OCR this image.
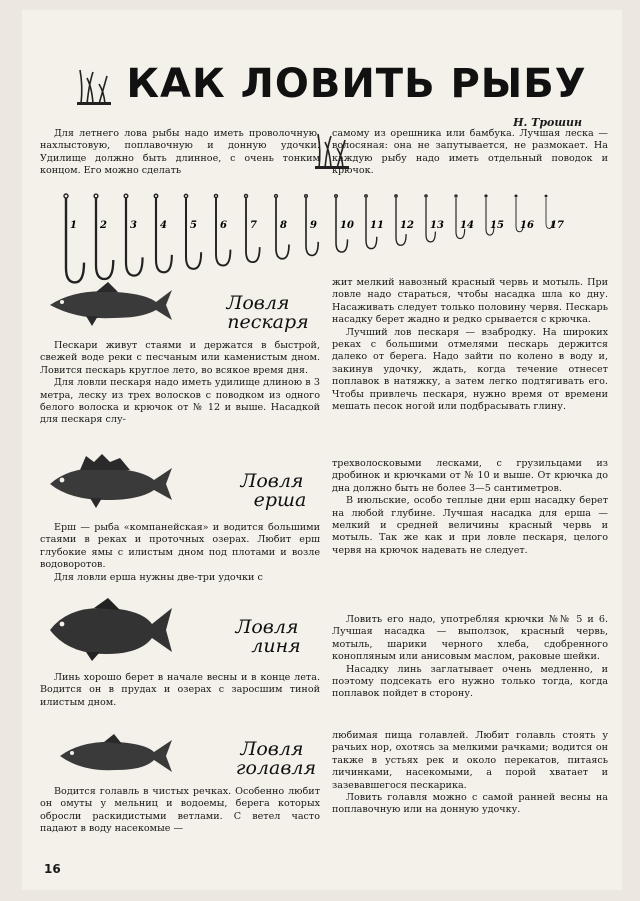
КАК ЛОВИТЬ РЫБУ
Н. Трошин

Для летнего лова рыбы надо иметь проволочную, нахлыстовую, поплавочную и донную удочки. Удилище должно быть длинное, с очень тонким концом. Его можно сделать

самому из орешника или бамбука. Лучшая леска — волосяная: она не запутывается, не размокает. На каждую рыбу надо иметь отдельный поводок и крючок.

1 2 3 4 5 6 7 8 9 10 11 12 13 14 15 16 17
Ловля
пескаря

Пескари живут стаями и держатся в быстрой, свежей воде реки с песчаным или каменистым дном. Ловится пескарь круглое лето, во всякое время дня.

Для ловли пескаря надо иметь удилище длиною в 3 метра, леску из трех волосков с поводком из одного белого волоска и крючок от № 12 и выше. Насадкой для пескаря слу-

жит мелкий навозный красный червь и мотыль. При ловле надо стараться, чтобы насадка шла ко дну. Насаживать следует только половину червя. Пескарь насадку берет жадно и редко срывается с крючка.

Лучший лов пескаря — взабродку. На широких реках с большими отмелями пескарь держится далеко от берега. Надо зайти по колено в воду и, закинув удочку, ждать, когда течение отнесет поплавок в натяжку, а затем легко подтягивать его. Чтобы привлечь пескаря, нужно время от времени мешать песок ногой или подбрасывать глину.

Ловля
ерша

Ерш — рыба «компанейская» и водится большими стаями в реках и проточных озерах. Любит ерш глубокие ямы с илистым дном под плотами и возле водоворотов.

Для ловли ерша нужны две-три удочки с

трехволосковыми лесками, с грузильцами из дробинок и крючками от № 10 и выше. От крючка до дна должно быть не более 3—5 сантиметров.

В июльские, особо теплые дни ерш насадку берет на любой глубине. Лучшая насадка для ерша — мелкий и средней величины красный червь и мотыль. Так же как и при ловле пескаря, целого червя на крючок надевать не следует.

Ловля
линя

Линь хорошо берет в начале весны и в конце лета. Водится он в прудах и озерах с заросшим тиной илистым дном.

Ловить его надо, употребляя крючки №№ 5 и 6. Лучшая насадка — выползок, красный червь, мотыль, шарики черного хлеба, сдобренного конопляным или анисовым маслом, раковые шейки.

Насадку линь заглатывает очень медленно, и поэтому подсекать его нужно только тогда, когда поплавок пойдет в сторону.

Ловля
голавля

Водится голавль в чистых речках. Особенно любит он омуты у мельниц и водоемы, берега которых обросли раскидистыми ветлами. С ветел часто падают в воду насекомые —

любимая пища голавлей. Любит голавль стоять у рачьих нор, охотясь за мелкими рачками; водится он также в устьях рек и около перекатов, питаясь личинками, насекомыми, а порой хватает и зазевавшегося пескарика.

Ловить голавля можно с самой ранней весны на поплавочную или на донную удочку.

16
